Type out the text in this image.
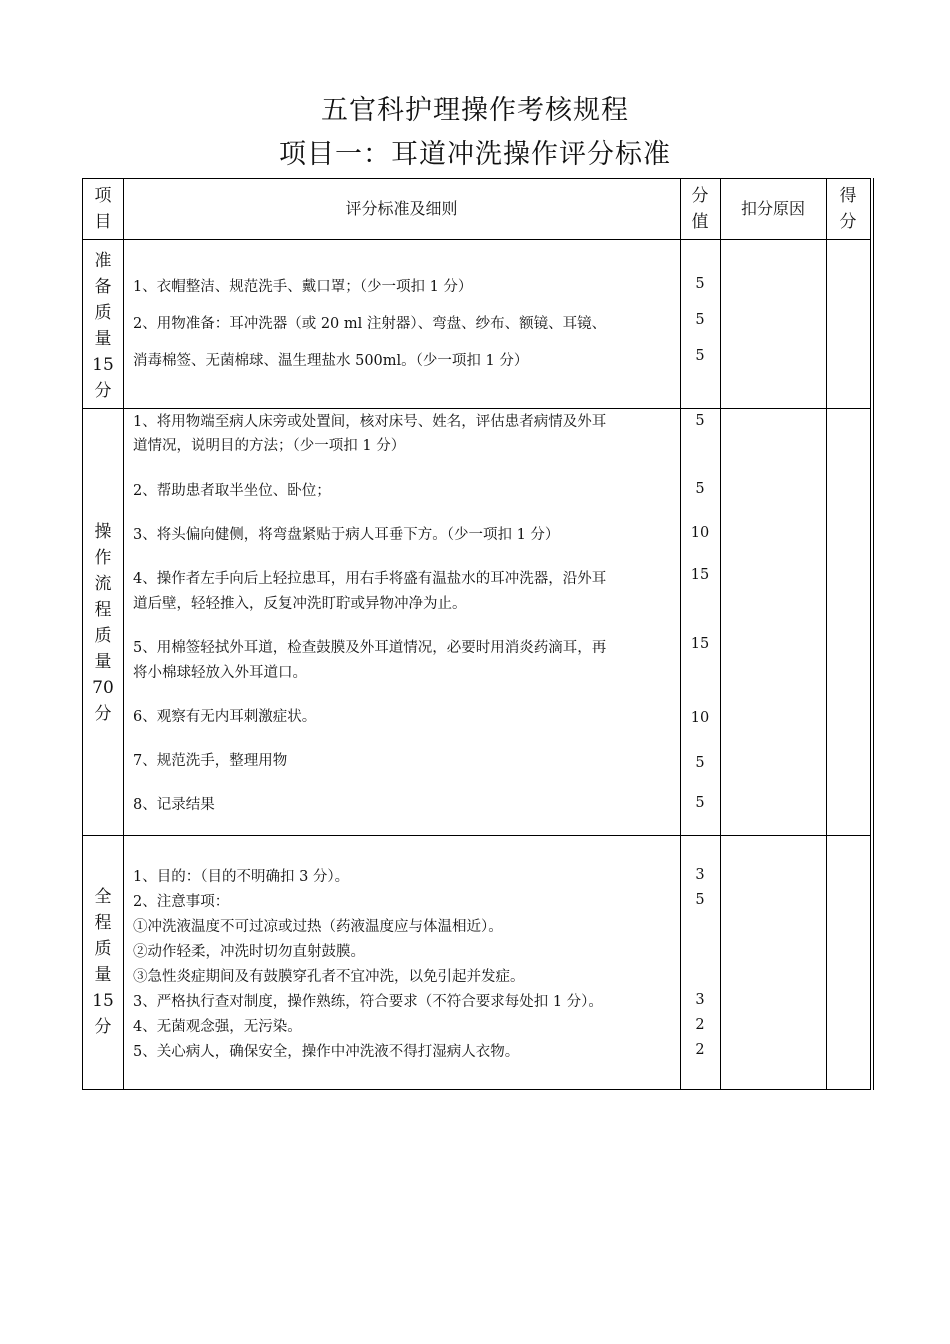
五官科护理操作考核规程
项目一：耳道冲洗操作评分标准
项
目
评分标准及细则
分
值
扣分原因
得
分
准
备
质
量
15
分
1、衣帽整洁、规范洗手、戴口罩；（少一项扣 1 分）
2、用物准备：耳冲洗器（或 20 ml 注射器）、弯盘、纱布、额镜、耳镜、
消毒棉签、无菌棉球、温生理盐水 500ml。（少一项扣 1 分）
5
5
5
操
作
流
程
质
量
70
分
1、将用物端至病人床旁或处置间，核对床号、姓名，评估患者病情及外耳
道情况，说明目的方法；（少一项扣 1 分）
2、帮助患者取半坐位、卧位；
3、将头偏向健侧，将弯盘紧贴于病人耳垂下方。（少一项扣 1 分）
4、操作者左手向后上轻拉患耳，用右手将盛有温盐水的耳冲洗器，沿外耳
道后壁，轻轻推入，反复冲洗盯聍或异物冲净为止。
5、用棉签轻拭外耳道，检查鼓膜及外耳道情况，必要时用消炎药滴耳，再
将小棉球轻放入外耳道口。
6、观察有无内耳刺激症状。
7、规范洗手，整理用物
8、记录结果
5
5
10
15
15
10
5
5
全
程
质
量
15
分
1、目的：（目的不明确扣 3 分）。
2、注意事项：
①冲洗液温度不可过凉或过热（药液温度应与体温相近）。
②动作轻柔，冲洗时切勿直射鼓膜。
③急性炎症期间及有鼓膜穿孔者不宜冲洗，以免引起并发症。
3、严格执行查对制度，操作熟练，符合要求（不符合要求每处扣 1 分）。
4、无菌观念强，无污染。
5、关心病人，确保安全，操作中冲洗液不得打湿病人衣物。
3
5
3
2
2
